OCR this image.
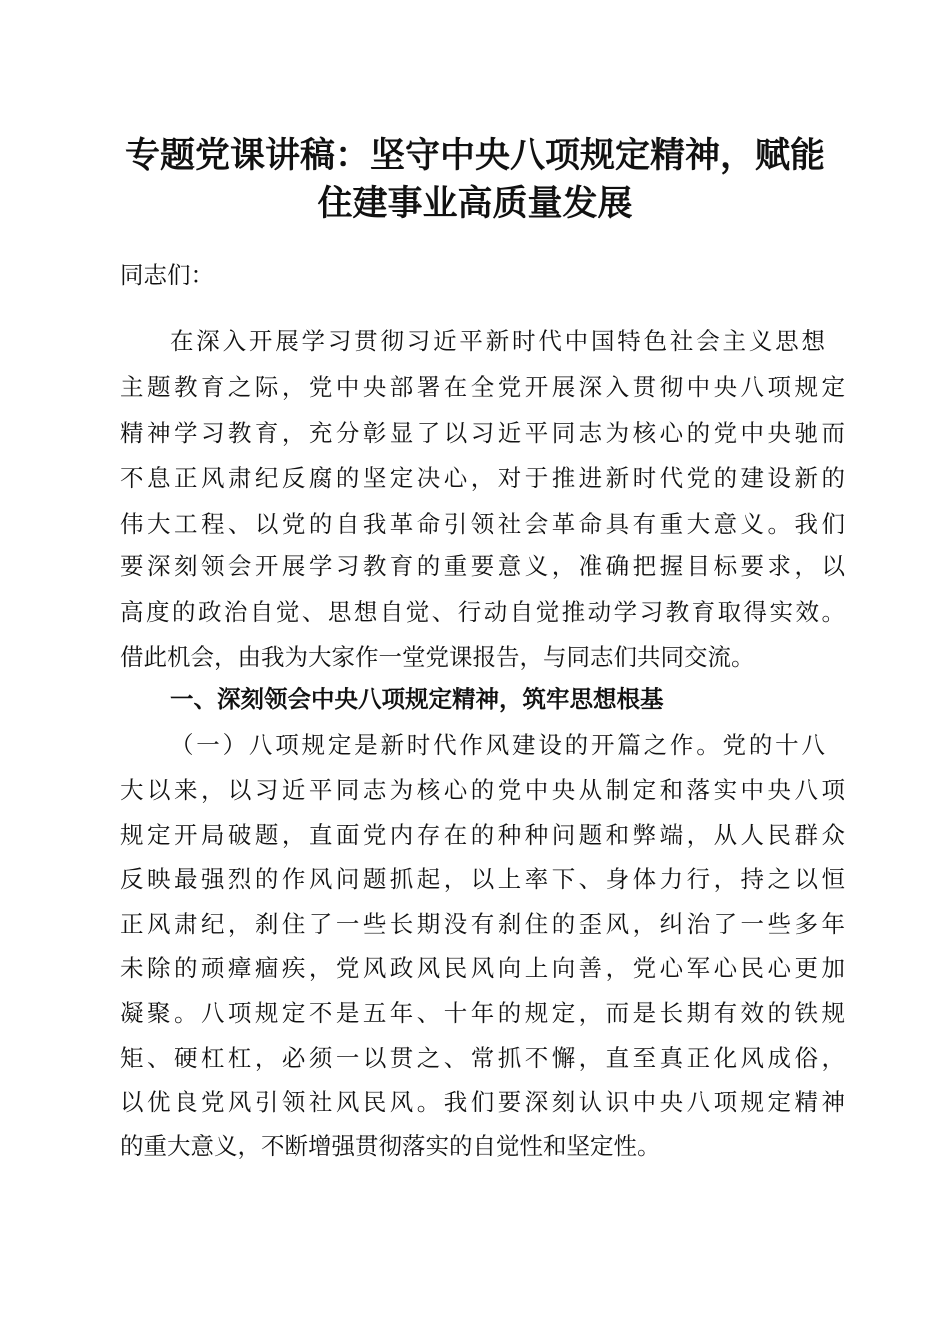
专题党课讲稿：坚守中央八项规定精神，赋能
住建事业高质量发展
同志们：
在深入开展学习贯彻习近平新时代中国特色社会主义思想
主题教育之际，党中央部署在全党开展深入贯彻中央八项规定
精神学习教育，充分彰显了以习近平同志为核心的党中央驰而
不息正风肃纪反腐的坚定决心，对于推进新时代党的建设新的
伟大工程、以党的自我革命引领社会革命具有重大意义。我们
要深刻领会开展学习教育的重要意义，准确把握目标要求，以
高度的政治自觉、思想自觉、行动自觉推动学习教育取得实效。
借此机会，由我为大家作一堂党课报告，与同志们共同交流。
一、深刻领会中央八项规定精神，筑牢思想根基
（一）八项规定是新时代作风建设的开篇之作。党的十八
大以来，以习近平同志为核心的党中央从制定和落实中央八项
规定开局破题，直面党内存在的种种问题和弊端，从人民群众
反映最强烈的作风问题抓起，以上率下、身体力行，持之以恒
正风肃纪，刹住了一些长期没有刹住的歪风，纠治了一些多年
未除的顽瘴痼疾，党风政风民风向上向善，党心军心民心更加
凝聚。八项规定不是五年、十年的规定，而是长期有效的铁规
矩、硬杠杠，必须一以贯之、常抓不懈，直至真正化风成俗，
以优良党风引领社风民风。我们要深刻认识中央八项规定精神
的重大意义，不断增强贯彻落实的自觉性和坚定性。
